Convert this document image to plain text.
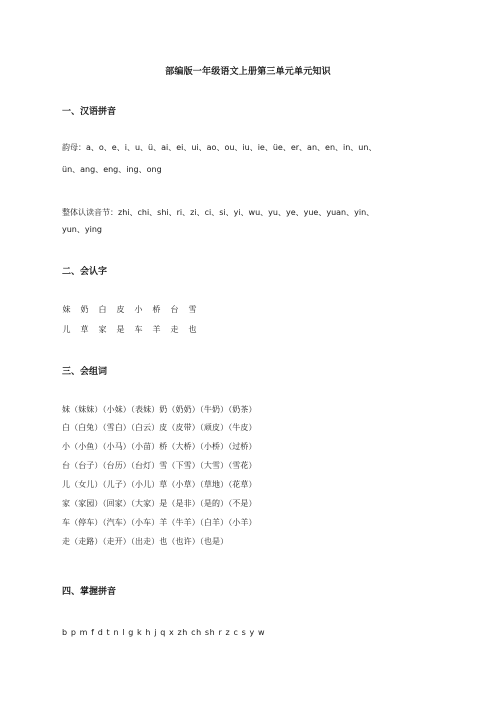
部编版一年级语文上册第三单元单元知识
一、汉语拼音
韵母：a、o、e、i、u、ü、ai、ei、ui、ao、ou、iu、ie、üe、er、an、en、in、un、
ün、ang、eng、ing、ong
整体认读音节：zhi、chi、shi、ri、zi、ci、si、yi、wu、yu、ye、yue、yuan、yin、
yun、ying
二、会认字
妹 奶 白 皮 小 桥 台 雪
儿 草 家 是 车 羊 走 也
三、会组词
妹（妹妹）（小妹）（表妹）奶（奶奶）（牛奶）（奶茶）
白（白兔）（雪白）（白云）皮（皮带）（顽皮）（牛皮）
小（小鱼）（小马）（小苗）桥（大桥）（小桥）（过桥）
台（台子）（台历）（台灯）雪（下雪）（大雪）（雪花）
儿（女儿）（儿子）（小儿）草（小草）（草地）（花草）
家（家园）（回家）（大家）是（是非）（是的）（不是）
车（停车）（汽车）（小车）羊（牛羊）（白羊）（小羊）
走（走路）（走开）（出走）也（也许）（也是）
四、掌握拼音
b p m f d t n l g k h j q x zh ch sh r z c s y w
